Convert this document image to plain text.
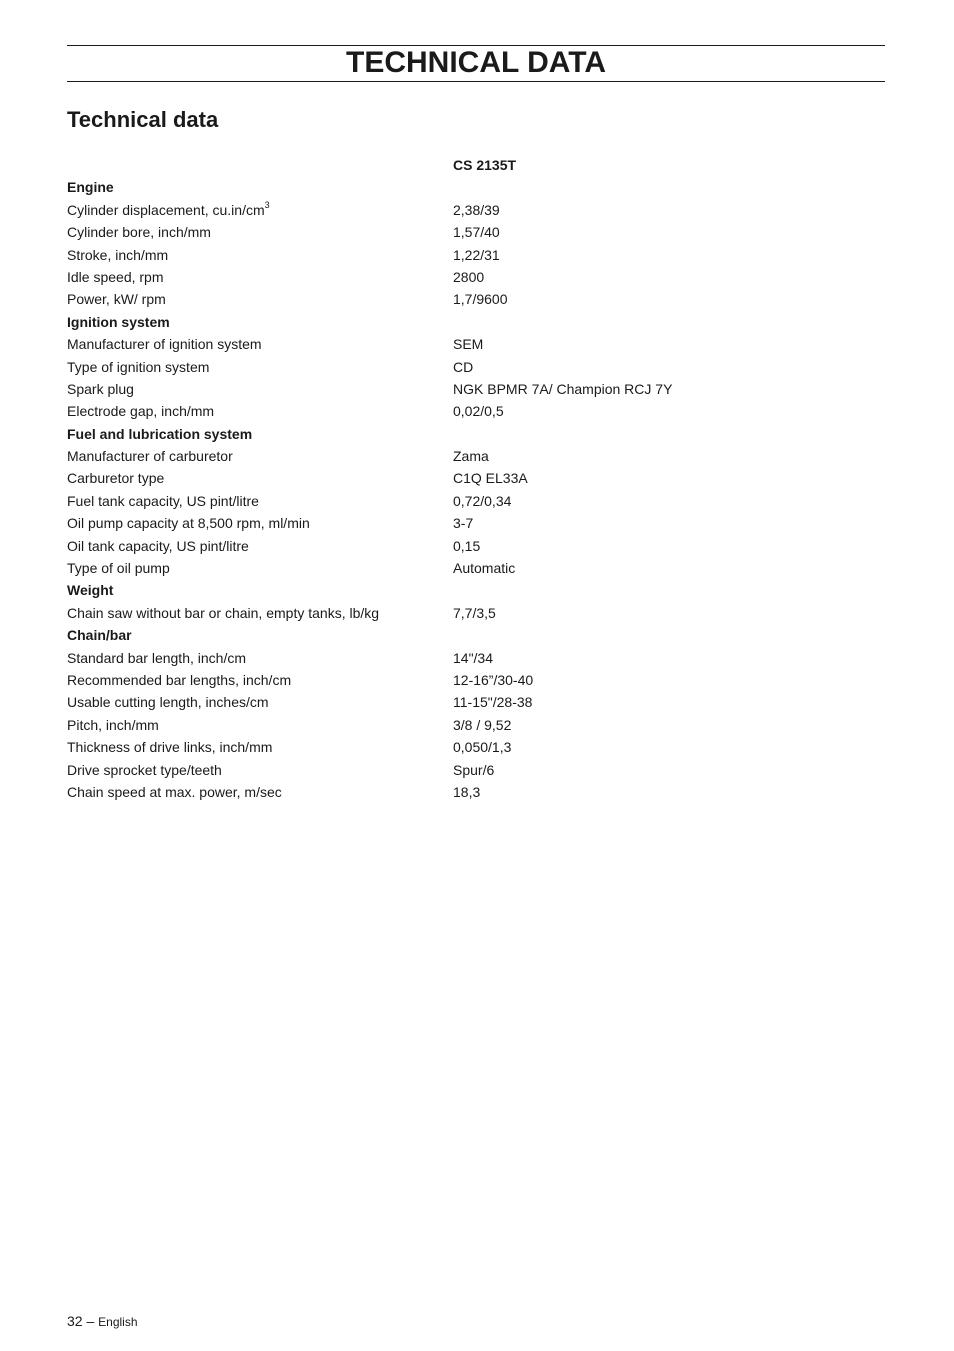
TECHNICAL DATA
Technical data
CS 2135T
Engine
Cylinder displacement, $cu.in/cm^3$	2,38/39
Cylinder bore, inch/mm	1,57/40
Stroke, inch/mm	1,22/31
Idle speed, rpm	2800
Power, kW/ rpm	1,7/9600
Ignition system
Manufacturer of ignition system	SEM
Type of ignition system	CD
Spark plug	NGK BPMR 7A/ Champion RCJ 7Y
Electrode gap, inch/mm	0,02/0,5
Fuel and lubrication system
Manufacturer of carburetor	Zama
Carburetor type	C1Q EL33A
Fuel tank capacity, US pint/litre	0,72/0,34
Oil pump capacity at 8,500 rpm, ml/min	3-7
Oil tank capacity, US pint/litre	0,15
Type of oil pump	Automatic
Weight
Chain saw without bar or chain, empty tanks, lb/kg	7,7/3,5
Chain/bar
Standard bar length, inch/cm	14"/34
Recommended bar lengths, inch/cm	12-16”/30-40
Usable cutting length, inches/cm	11-15"/28-38
Pitch, inch/mm	3/8 / 9,52
Thickness of drive links, inch/mm	0,050/1,3
Drive sprocket type/teeth	Spur/6
Chain speed at max. power, m/sec	18,3
32 – English
